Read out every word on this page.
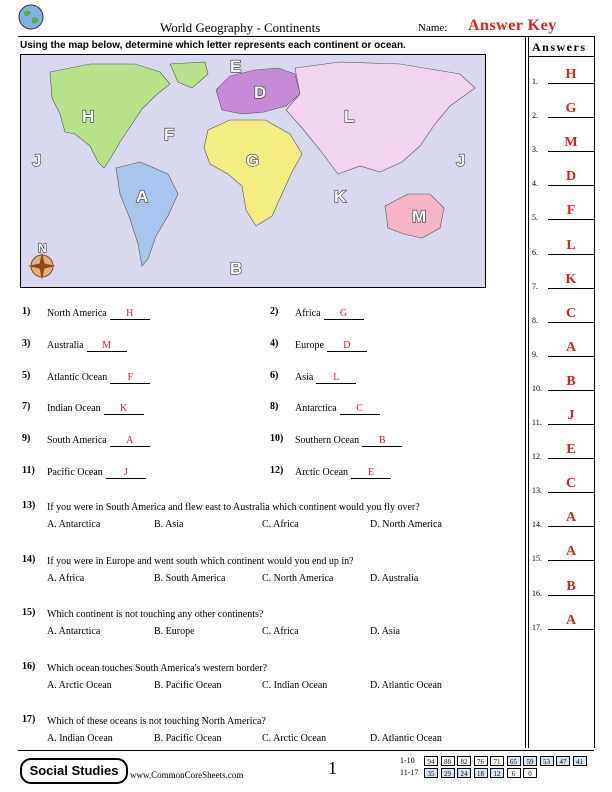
World Geography - Continents	Name: Answer Key
Using the map below, determine which letter represents each continent or ocean.	Answers
N
E
D
H	L
F
J	J
G
K
A
M
B
1.	H
2.	G
3.	M
4.	D
5.	F
6.	L
7.	K
8.	C
9.	A
10.	B
11.	J
12.	E
13.	C
14.	A
15.	A
16.	B
17.	A
1) North America H	2) Africa G
3) Australia M	4) Europe D
5) Atlantic Ocean F	6) Asia L
7) Indian Ocean K	8) Antarctica C
9) South America A	10) Southern Ocean B
11) Pacific Ocean J	12) Arctic Ocean E
13) If you were in South America and flew east to Australia which continent would you fly over?
A. Antarctica	B. Asia	C. Africa	D. North America
14) If you were in Europe and went south which continent would you end up in?
A. Africa	B. South America	C. North America	D. Australia
15) Which continent is not touching any other continents?
A. Antarctica	B. Europe	C. Africa	D. Asia
16) Which ocean touches South America's western border?
A. Arctic Ocean	B. Pacific Ocean	C. Indian Ocean	D. Atlantic Ocean
17) Which of these oceans is not touching North America?
A. Indian Ocean	B. Pacific Ocean	C. Arctic Ocean	D. Atlantic Ocean
Social Studies	www.CommonCoreSheets.com	1	1-10	94	88	82	76	71	65	59	53	47	41
11-17	35	29	24	18	12	6	0
